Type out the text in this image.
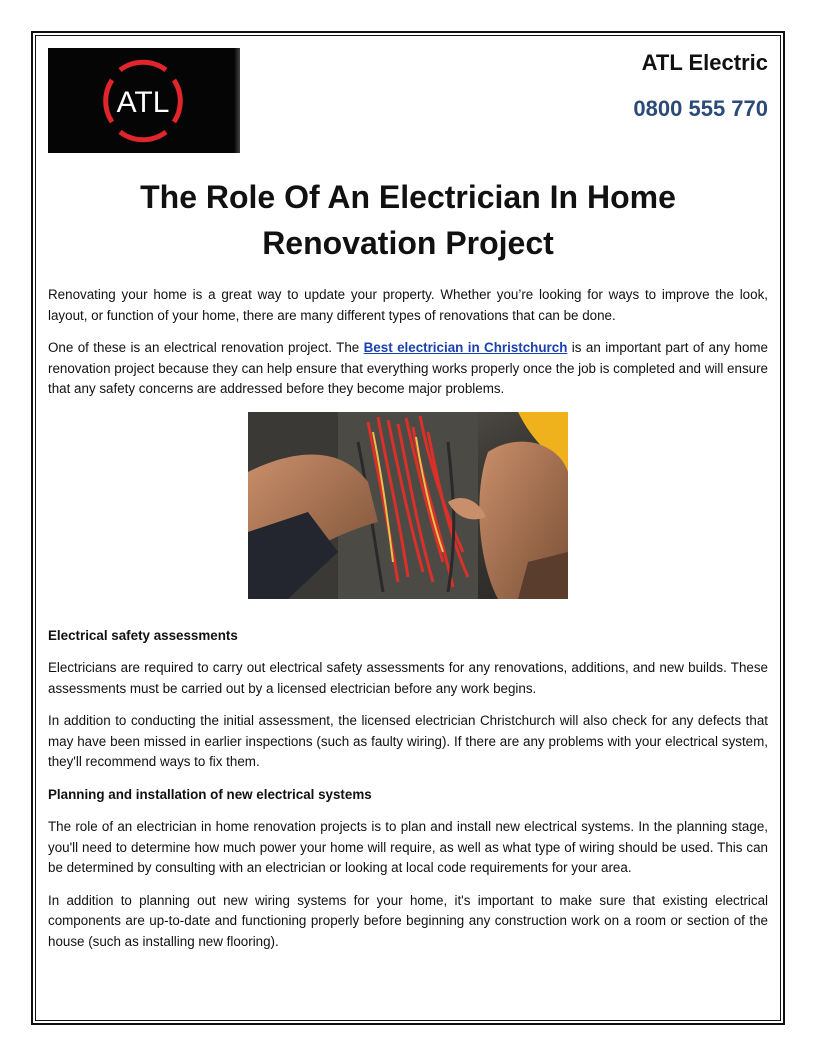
ATL
ATL Electric
0800 555 770
The Role Of An Electrician In Home
Renovation Project

Renovating your home is a great way to update your property. Whether you’re looking for ways to improve the look, layout, or function of your home, there are many different types of renovations that can be done.

One of these is an electrical renovation project. The Best electrician in Christchurch is an important part of any home renovation project because they can help ensure that everything works properly once the job is completed and will ensure that any safety concerns are addressed before they become major problems.

Electrical safety assessments

Electricians are required to carry out electrical safety assessments for any renovations, additions, and new builds. These assessments must be carried out by a licensed electrician before any work begins.

In addition to conducting the initial assessment, the licensed electrician Christchurch will also check for any defects that may have been missed in earlier inspections (such as faulty wiring). If there are any problems with your electrical system, they'll recommend ways to fix them.

Planning and installation of new electrical systems

The role of an electrician in home renovation projects is to plan and install new electrical systems. In the planning stage, you'll need to determine how much power your home will require, as well as what type of wiring should be used. This can be determined by consulting with an electrician or looking at local code requirements for your area.

In addition to planning out new wiring systems for your home, it's important to make sure that existing electrical components are up-to-date and functioning properly before beginning any construction work on a room or section of the house (such as installing new flooring).
